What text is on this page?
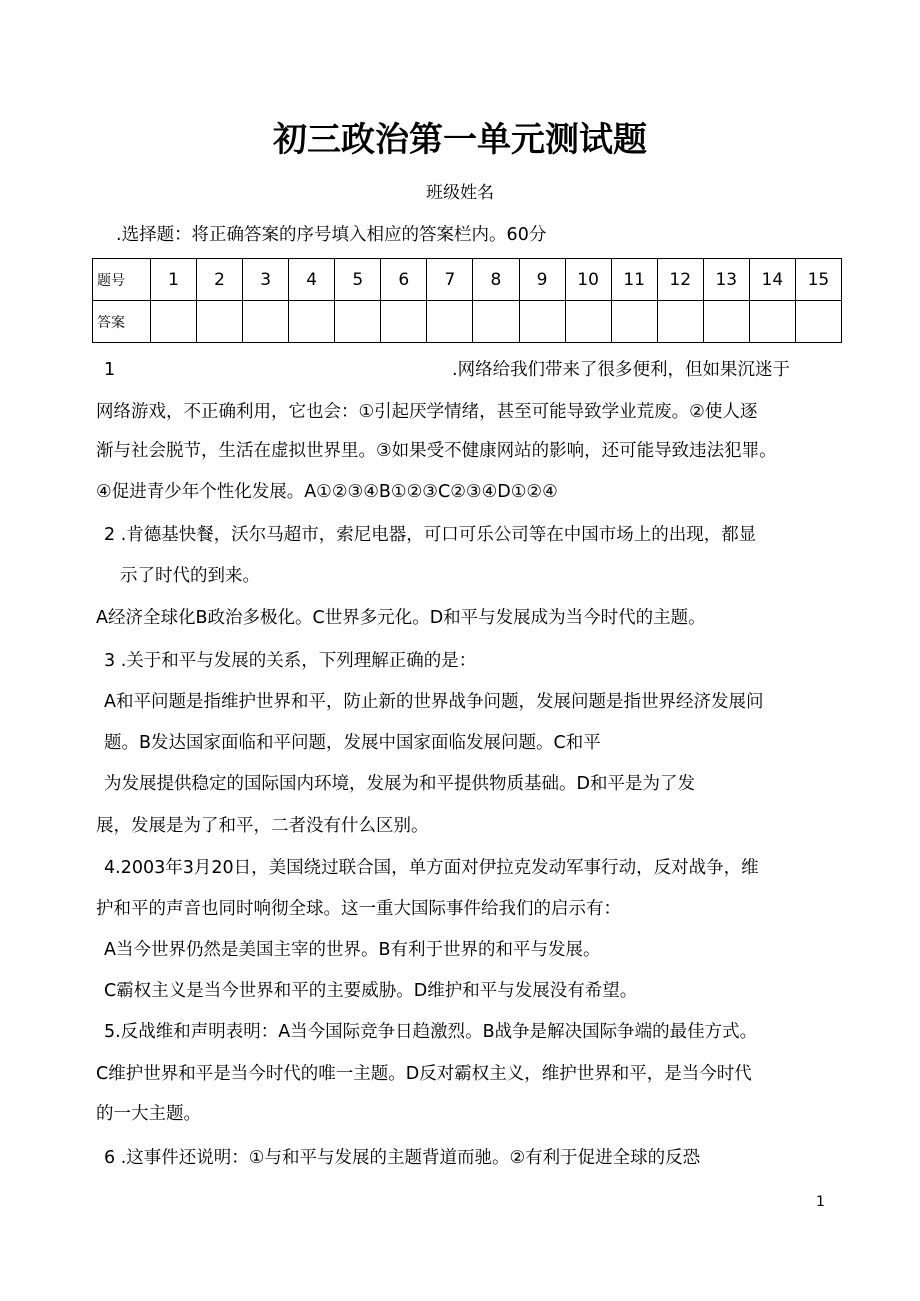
初三政治第一单元测试题
班级姓名
.选择题：将正确答案的序号填入相应的答案栏内。60分
题号	1	2	3	4	5	6	7	8	9	10	11	12	13	14	15
答案															
1	.网络给我们带来了很多便利，但如果沉迷于
网络游戏，不正确利用，它也会：①引起厌学情绪，甚至可能导致学业荒废。②使人逐
渐与社会脱节，生活在虚拟世界里。③如果受不健康网站的影响，还可能导致违法犯罪。
④促进青少年个性化发展。A①②③④B①②③C②③④D①②④
2 .肯德基快餐，沃尔马超市，索尼电器，可口可乐公司等在中国市场上的出现，都显
示了时代的到来。
A经济全球化B政治多极化。C世界多元化。D和平与发展成为当今时代的主题。
3 .关于和平与发展的关系，下列理解正确的是：
A和平问题是指维护世界和平，防止新的世界战争问题，发展问题是指世界经济发展问
题。B发达国家面临和平问题，发展中国家面临发展问题。C和平
为发展提供稳定的国际国内环境，发展为和平提供物质基础。D和平是为了发
展，发展是为了和平，二者没有什么区别。
4.2003年3月20日，美国绕过联合国，单方面对伊拉克发动军事行动，反对战争，维
护和平的声音也同时响彻全球。这一重大国际事件给我们的启示有：
A当今世界仍然是美国主宰的世界。B有利于世界的和平与发展。
C霸权主义是当今世界和平的主要威胁。D维护和平与发展没有希望。
5.反战维和声明表明：A当今国际竞争日趋激烈。B战争是解决国际争端的最佳方式。
C维护世界和平是当今时代的唯一主题。D反对霸权主义，维护世界和平，是当今时代
的一大主题。
6 .这事件还说明：①与和平与发展的主题背道而驰。②有利于促进全球的反恐
1
